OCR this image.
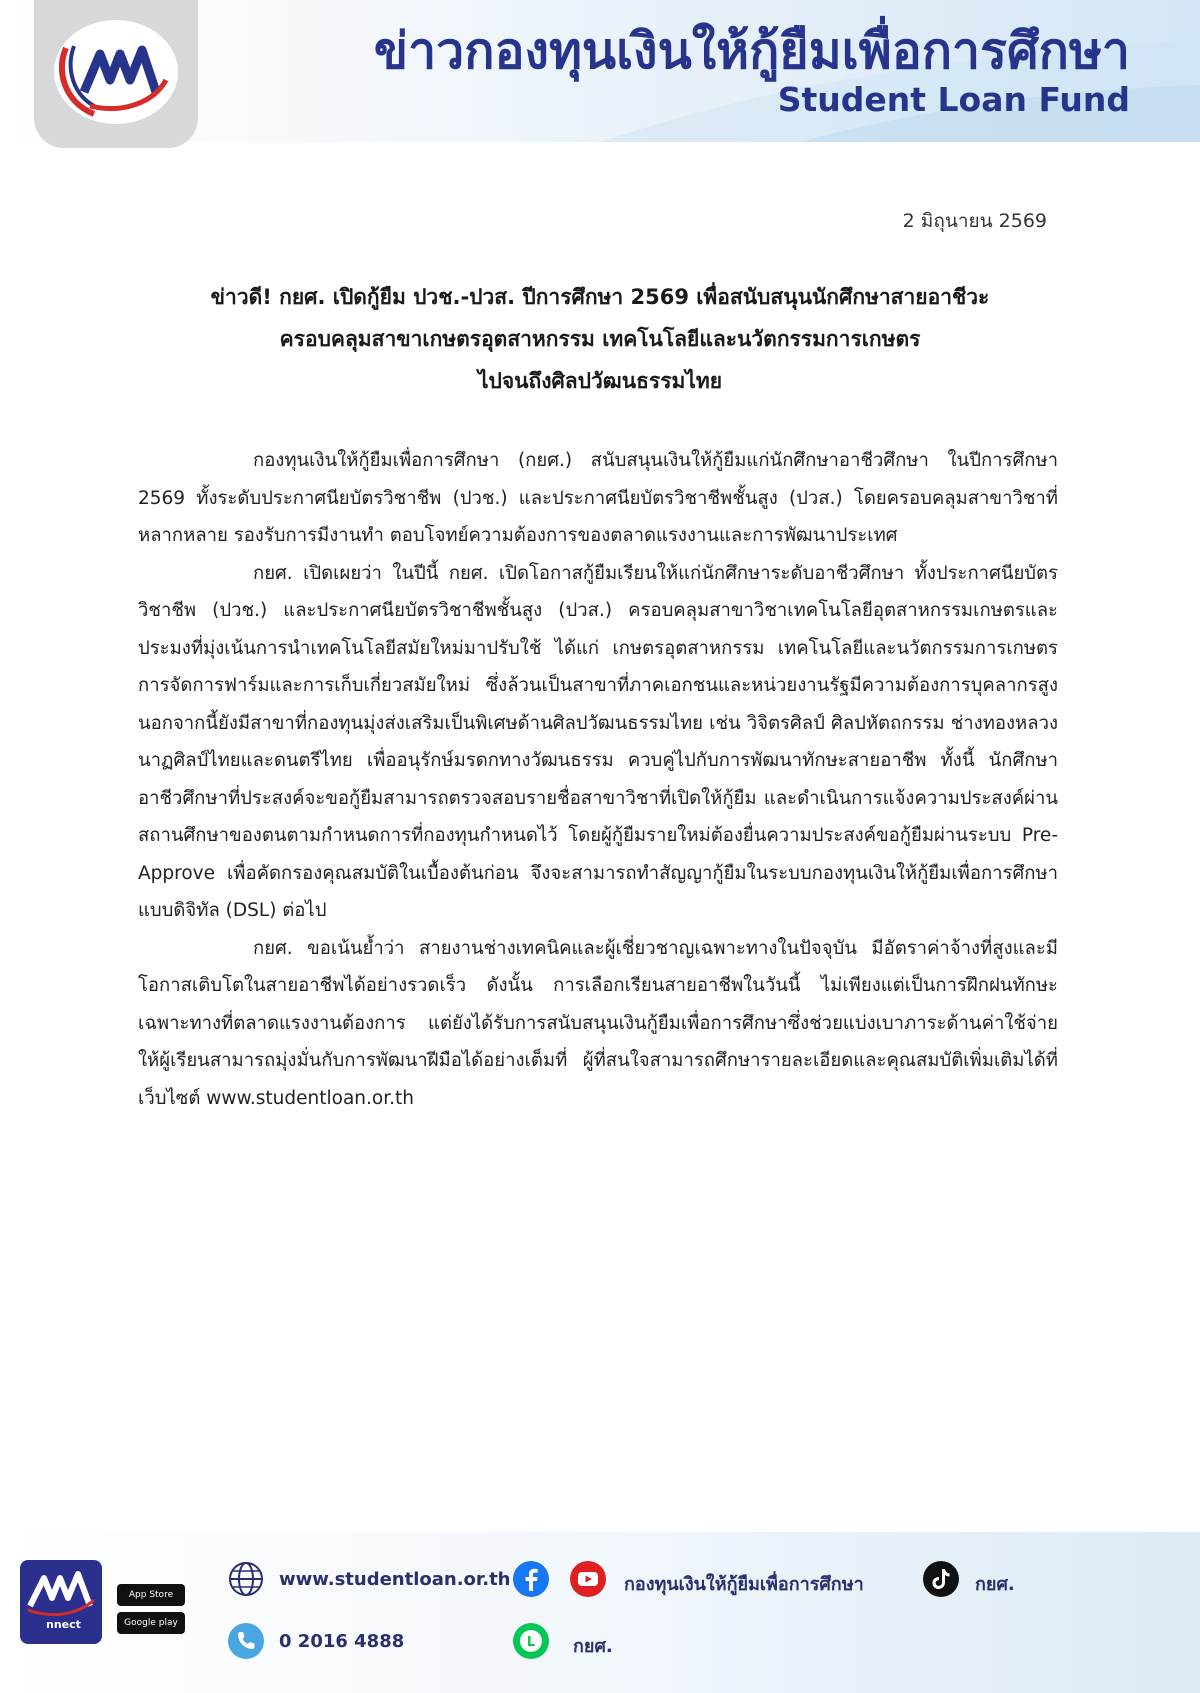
ข่าวกองทุนเงินให้กู้ยืมเพื่อการศึกษา
Student Loan Fund
2 มิถุนายน 2569
ข่าวดี! กยศ. เปิดกู้ยืม ปวช.-ปวส. ปีการศึกษา 2569 เพื่อสนับสนุนนักศึกษาสายอาชีวะ
ครอบคลุมสาขาเกษตรอุตสาหกรรม เทคโนโลยีและนวัตกรรมการเกษตร
ไปจนถึงศิลปวัฒนธรรมไทย

กองทุนเงินให้กู้ยืมเพื่อการศึกษา (กยศ.) สนับสนุนเงินให้กู้ยืมแก่นักศึกษาอาชีวศึกษา ในปีการศึกษา 2569 ทั้งระดับประกาศนียบัตรวิชาชีพ (ปวช.) และประกาศนียบัตรวิชาชีพชั้นสูง (ปวส.) โดยครอบคลุมสาขาวิชาที่หลากหลาย รองรับการมีงานทำ ตอบโจทย์ความต้องการของตลาดแรงงานและการพัฒนาประเทศ

กยศ. เปิดเผยว่า ในปีนี้ กยศ. เปิดโอกาสกู้ยืมเรียนให้แก่นักศึกษาระดับอาชีวศึกษา ทั้งประกาศนียบัตรวิชาชีพ (ปวช.) และประกาศนียบัตรวิชาชีพชั้นสูง (ปวส.) ครอบคลุมสาขาวิชาเทคโนโลยีอุตสาหกรรมเกษตรและประมงที่มุ่งเน้นการนำเทคโนโลยีสมัยใหม่มาปรับใช้ ได้แก่ เกษตรอุตสาหกรรม เทคโนโลยีและนวัตกรรมการเกษตร การจัดการฟาร์มและการเก็บเกี่ยวสมัยใหม่ ซึ่งล้วนเป็นสาขาที่ภาคเอกชนและหน่วยงานรัฐมีความต้องการบุคลากรสูง นอกจากนี้ยังมีสาขาที่กองทุนมุ่งส่งเสริมเป็นพิเศษด้านศิลปวัฒนธรรมไทย เช่น วิจิตรศิลป์ ศิลปหัตถกรรม ช่างทองหลวง นาฏศิลป์ไทยและดนตรีไทย เพื่ออนุรักษ์มรดกทางวัฒนธรรม ควบคู่ไปกับการพัฒนาทักษะสายอาชีพ ทั้งนี้ นักศึกษาอาชีวศึกษาที่ประสงค์จะขอกู้ยืมสามารถตรวจสอบรายชื่อสาขาวิชาที่เปิดให้กู้ยืม และดำเนินการแจ้งความประสงค์ผ่านสถานศึกษาของตนตามกำหนดการที่กองทุนกำหนดไว้ โดยผู้กู้ยืมรายใหม่ต้องยื่นความประสงค์ขอกู้ยืมผ่านระบบ Pre-Approve เพื่อคัดกรองคุณสมบัติในเบื้องต้นก่อน จึงจะสามารถทำสัญญากู้ยืมในระบบกองทุนเงินให้กู้ยืมเพื่อการศึกษาแบบดิจิทัล (DSL) ต่อไป

กยศ. ขอเน้นย้ำว่า สายงานช่างเทคนิคและผู้เชี่ยวชาญเฉพาะทางในปัจจุบัน มีอัตราค่าจ้างที่สูงและมีโอกาสเติบโตในสายอาชีพได้อย่างรวดเร็ว ดังนั้น การเลือกเรียนสายอาชีพในวันนี้ ไม่เพียงแต่เป็นการฝึกฝนทักษะเฉพาะทางที่ตลาดแรงงานต้องการ แต่ยังได้รับการสนับสนุนเงินกู้ยืมเพื่อการศึกษาซึ่งช่วยแบ่งเบาภาระด้านค่าใช้จ่ายให้ผู้เรียนสามารถมุ่งมั่นกับการพัฒนาฝีมือได้อย่างเต็มที่ ผู้ที่สนใจสามารถศึกษารายละเอียดและคุณสมบัติเพิ่มเติมได้ที่เว็บไซต์ www.studentloan.or.th

nnect
App Store
Google play
www.studentloan.or.th	กองทุนเงินให้กู้ยืมเพื่อการศึกษา	กยศ.
0 2016 4888	L กยศ.
